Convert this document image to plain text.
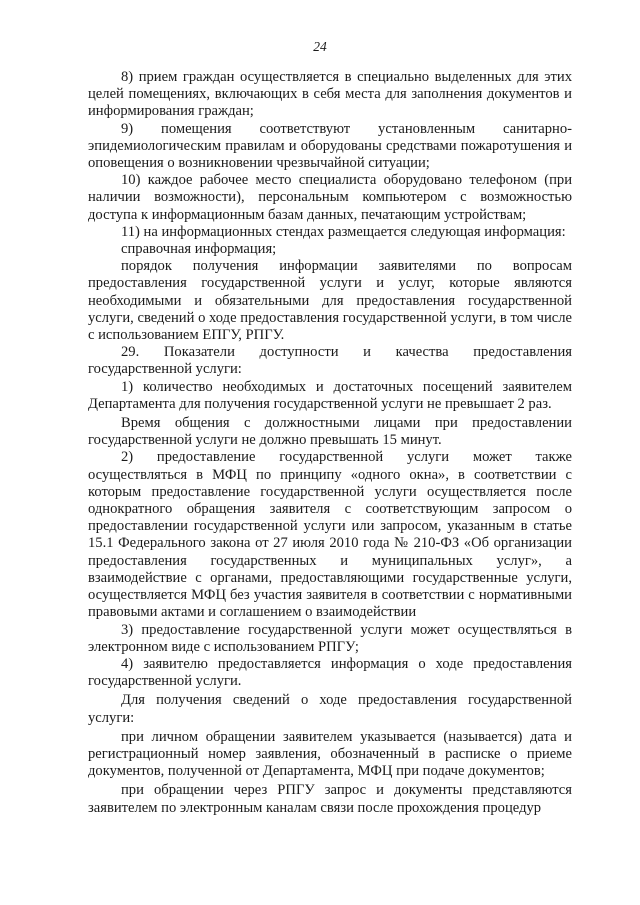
24

8) прием граждан осуществляется в специально выделенных для этих целей помещениях, включающих в себя места для заполнения документов и информирования граждан;

9) помещения соответствуют установленным санитарно-эпидемиологическим правилам и оборудованы средствами пожаротушения и оповещения о возникновении чрезвычайной ситуации;

10) каждое рабочее место специалиста оборудовано телефоном (при наличии возможности), персональным компьютером с возможностью доступа к информационным базам данных, печатающим устройствам;

11) на информационных стендах размещается следующая информация:

справочная информация;

порядок получения информации заявителями по вопросам предоставления государственной услуги и услуг, которые являются необходимыми и обязательными для предоставления государственной услуги, сведений о ходе предоставления государственной услуги, в том числе с использованием ЕПГУ, РПГУ.

29. Показатели доступности и качества предоставления государственной услуги:

1) количество необходимых и достаточных посещений заявителем Департамента для получения государственной услуги не превышает 2 раз.

Время общения с должностными лицами при предоставлении государственной услуги не должно превышать 15 минут.

2) предоставление государственной услуги может также осуществляться в МФЦ по принципу «одного окна», в соответствии с которым предоставление государственной услуги осуществляется после однократного обращения заявителя с соответствующим запросом о предоставлении государственной услуги или запросом, указанным в статье 15.1 Федерального закона от 27 июля 2010 года № 210-ФЗ «Об организации предоставления государственных и муниципальных услуг», а взаимодействие с органами, предоставляющими государственные услуги, осуществляется МФЦ без участия заявителя в соответствии с нормативными правовыми актами и соглашением о взаимодействии

3) предоставление государственной услуги может осуществляться в электронном виде с использованием РПГУ;

4) заявителю предоставляется информация о ходе предоставления государственной услуги.

Для получения сведений о ходе предоставления государственной услуги:

при личном обращении заявителем указывается (называется) дата и регистрационный номер заявления, обозначенный в расписке о приеме документов, полученной от Департамента, МФЦ при подаче документов;

при обращении через РПГУ запрос и документы представляются заявителем по электронным каналам связи после прохождения процедур
